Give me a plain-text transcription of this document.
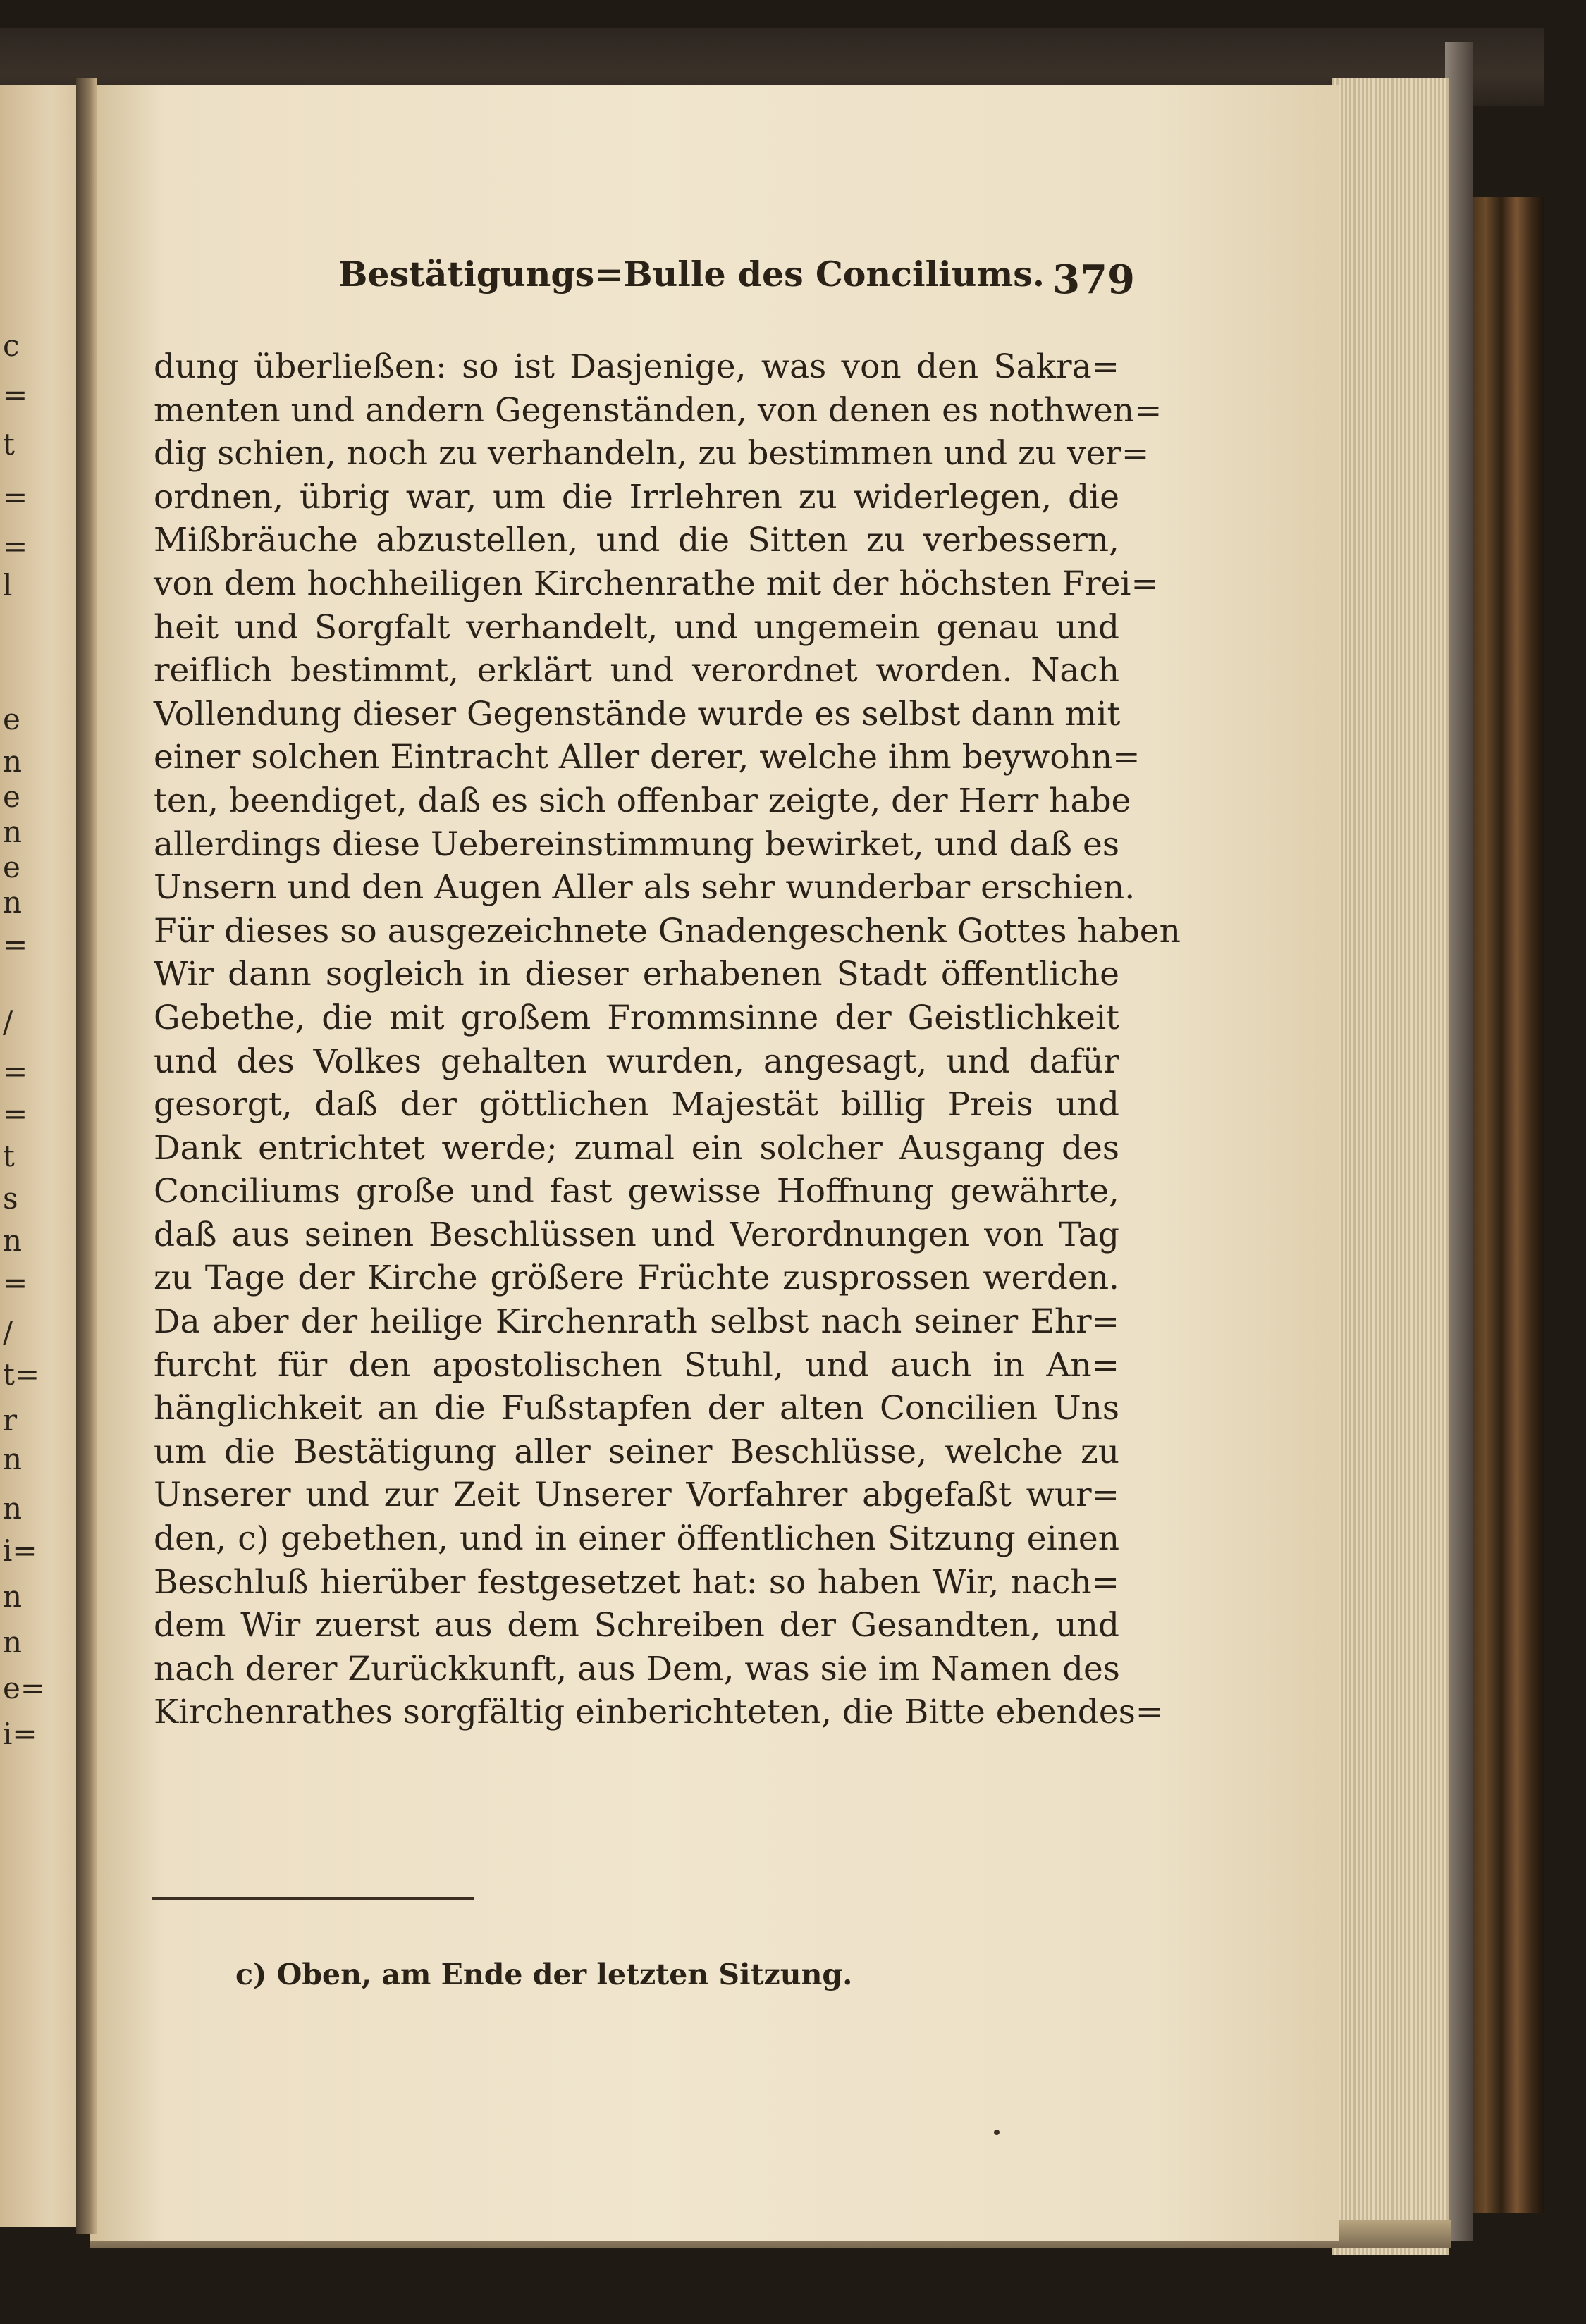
c
=
t
=
=
l
e
n
e
n
e
n
=
/
=
=
t
s
n
=
/
t=
r
n
n
i=
n
n
e=
i=
Bestätigungs=Bulle des Conciliums. 379
dung überließen: so ist Dasjenige, was von den Sakra=
menten und andern Gegenständen, von denen es nothwen=
dig schien, noch zu verhandeln, zu bestimmen und zu ver=
ordnen, übrig war, um die Irrlehren zu widerlegen, die
Mißbräuche abzustellen, und die Sitten zu verbessern,
von dem hochheiligen Kirchenrathe mit der höchsten Frei=
heit und Sorgfalt verhandelt, und ungemein genau und
reiflich bestimmt, erklärt und verordnet worden. Nach
Vollendung dieser Gegenstände wurde es selbst dann mit
einer solchen Eintracht Aller derer, welche ihm beywohn=
ten, beendiget, daß es sich offenbar zeigte, der Herr habe
allerdings diese Uebereinstimmung bewirket, und daß es
Unsern und den Augen Aller als sehr wunderbar erschien.
Für dieses so ausgezeichnete Gnadengeschenk Gottes haben
Wir dann sogleich in dieser erhabenen Stadt öffentliche
Gebethe, die mit großem Frommsinne der Geistlichkeit
und des Volkes gehalten wurden, angesagt, und dafür
gesorgt, daß der göttlichen Majestät billig Preis und
Dank entrichtet werde; zumal ein solcher Ausgang des
Conciliums große und fast gewisse Hoffnung gewährte,
daß aus seinen Beschlüssen und Verordnungen von Tag
zu Tage der Kirche größere Früchte zusprossen werden.
Da aber der heilige Kirchenrath selbst nach seiner Ehr=
furcht für den apostolischen Stuhl, und auch in An=
hänglichkeit an die Fußstapfen der alten Concilien Uns
um die Bestätigung aller seiner Beschlüsse, welche zu
Unserer und zur Zeit Unserer Vorfahrer abgefaßt wur=
den, c) gebethen, und in einer öffentlichen Sitzung einen
Beschluß hierüber festgesetzet hat: so haben Wir, nach=
dem Wir zuerst aus dem Schreiben der Gesandten, und
nach derer Zurückkunft, aus Dem, was sie im Namen des
Kirchenrathes sorgfältig einberichteten, die Bitte ebendes=
c) Oben, am Ende der letzten Sitzung.
